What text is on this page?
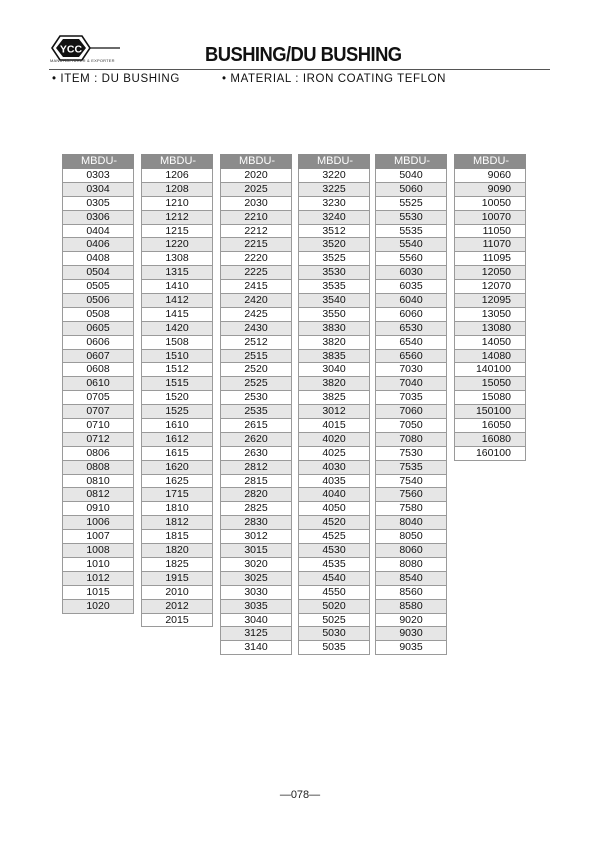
YCC
MANUFACTURER & EXPORTER	BUSHING/DU BUSHING
• ITEM : DU BUSHING	• MATERIAL : IRON COATING TEFLON
MBDU-
0303
0304
0305
0306
0404
0406
0408
0504
0505
0506
0508
0605
0606
0607
0608
0610
0705
0707
0710
0712
0806
0808
0810
0812
0910
1006
1007
1008
1010
1012
1015
1020
MBDU-
1206
1208
1210
1212
1215
1220
1308
1315
1410
1412
1415
1420
1508
1510
1512
1515
1520
1525
1610
1612
1615
1620
1625
1715
1810
1812
1815
1820
1825
1915
2010
2012
2015
MBDU-
2020
2025
2030
2210
2212
2215
2220
2225
2415
2420
2425
2430
2512
2515
2520
2525
2530
2535
2615
2620
2630
2812
2815
2820
2825
2830
3012
3015
3020
3025
3030
3035
3040
3125
3140
MBDU-
3220
3225
3230
3240
3512
3520
3525
3530
3535
3540
3550
3830
3820
3835
3040
3820
3825
3012
4015
4020
4025
4030
4035
4040
4050
4520
4525
4530
4535
4540
4550
5020
5025
5030
5035
MBDU-
5040
5060
5525
5530
5535
5540
5560
6030
6035
6040
6060
6530
6540
6560
7030
7040
7035
7060
7050
7080
7530
7535
7540
7560
7580
8040
8050
8060
8080
8540
8560
8580
9020
9030
9035
MBDU-
9060
9090
10050
10070
11050
11070
11095
12050
12070
12095
13050
13080
14050
14080
140100
15050
15080
150100
16050
16080
160100
—078—
